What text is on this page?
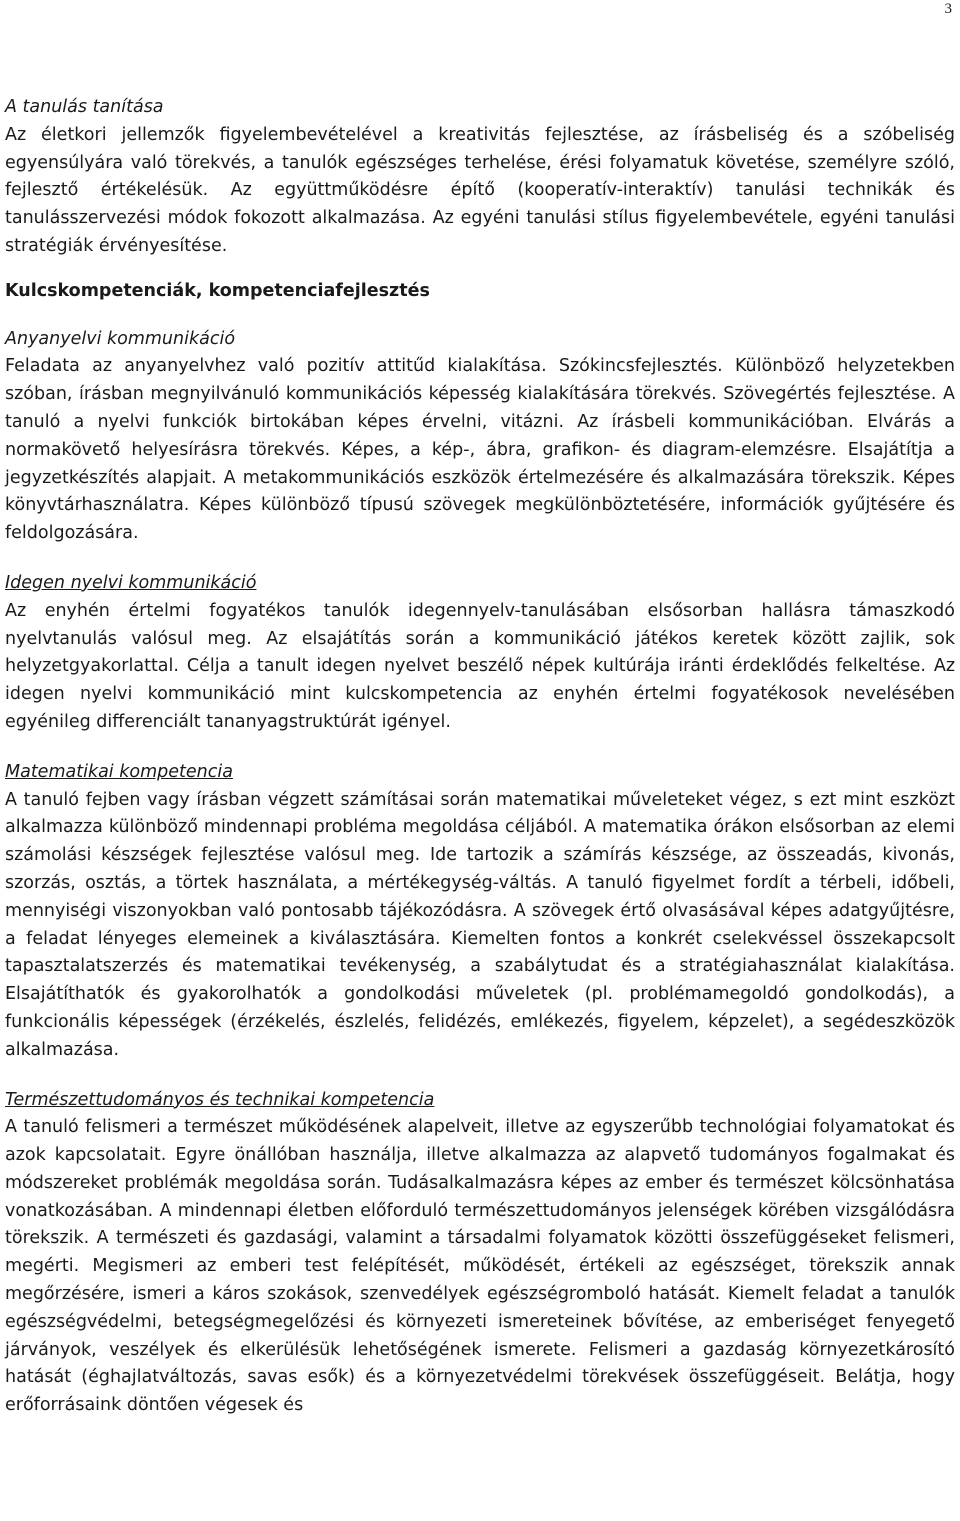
3

A tanulás tanítása

Az életkori jellemzők figyelembevételével a kreativitás fejlesztése, az írásbeliség és a szóbeliség egyensúlyára való törekvés, a tanulók egészséges terhelése, érési folyamatuk követése, személyre szóló, fejlesztő értékelésük. Az együttműködésre építő (kooperatív-interaktív) tanulási technikák és tanulásszervezési módok fokozott alkalmazása. Az egyéni tanulási stílus figyelembevétele, egyéni tanulási stratégiák érvényesítése.

Kulcskompetenciák, kompetenciafejlesztés

Anyanyelvi kommunikáció

Feladata az anyanyelvhez való pozitív attitűd kialakítása. Szókincsfejlesztés. Különböző helyzetekben szóban, írásban megnyilvánuló kommunikációs képesség kialakítására törekvés. Szövegértés fejlesztése. A tanuló a nyelvi funkciók birtokában képes érvelni, vitázni. Az írásbeli kommunikációban. Elvárás a normakövető helyesírásra törekvés. Képes, a kép-, ábra, grafikon- és diagram-elemzésre. Elsajátítja a jegyzetkészítés alapjait. A metakommunikációs eszközök értelmezésére és alkalmazására törekszik. Képes könyvtárhasználatra. Képes különböző típusú szövegek megkülönböztetésére, információk gyűjtésére és feldolgozására.

Idegen nyelvi kommunikáció

Az enyhén értelmi fogyatékos tanulók idegennyelv-tanulásában elsősorban hallásra támaszkodó nyelvtanulás valósul meg. Az elsajátítás során a kommunikáció játékos keretek között zajlik, sok helyzetgyakorlattal. Célja a tanult idegen nyelvet beszélő népek kultúrája iránti érdeklődés felkeltése. Az idegen nyelvi kommunikáció mint kulcskompetencia az enyhén értelmi fogyatékosok nevelésében egyénileg differenciált tananyagstruktúrát igényel.

Matematikai kompetencia

A tanuló fejben vagy írásban végzett számításai során matematikai műveleteket végez, s ezt mint eszközt alkalmazza különböző mindennapi probléma megoldása céljából. A matematika órákon elsősorban az elemi számolási készségek fejlesztése valósul meg. Ide tartozik a számírás készsége, az összeadás, kivonás, szorzás, osztás, a törtek használata, a mértékegység-váltás. A tanuló figyelmet fordít a térbeli, időbeli, mennyiségi viszonyokban való pontosabb tájékozódásra. A szövegek értő olvasásával képes adatgyűjtésre, a feladat lényeges elemeinek a kiválasztására. Kiemelten fontos a konkrét cselekvéssel összekapcsolt tapasztalatszerzés és matematikai tevékenység, a szabálytudat és a stratégiahasználat kialakítása. Elsajátíthatók és gyakorolhatók a gondolkodási műveletek (pl. problémamegoldó gondolkodás), a funkcionális képességek (érzékelés, észlelés, felidézés, emlékezés, figyelem, képzelet), a segédeszközök alkalmazása.

Természettudományos és technikai kompetencia

A tanuló felismeri a természet működésének alapelveit, illetve az egyszerűbb technológiai folyamatokat és azok kapcsolatait. Egyre önállóban használja, illetve alkalmazza az alapvető tudományos fogalmakat és módszereket problémák megoldása során. Tudásalkalmazásra képes az ember és természet kölcsönhatása vonatkozásában. A mindennapi életben előforduló természettudományos jelenségek körében vizsgálódásra törekszik. A természeti és gazdasági, valamint a társadalmi folyamatok közötti összefüggéseket felismeri, megérti. Megismeri az emberi test felépítését, működését, értékeli az egészséget, törekszik annak megőrzésére, ismeri a káros szokások, szenvedélyek egészségromboló hatását. Kiemelt feladat a tanulók egészségvédelmi, betegségmegelőzési és környezeti ismereteinek bővítése, az emberiséget fenyegető járványok, veszélyek és elkerülésük lehetőségének ismerete. Felismeri a gazdaság környezetkárosító hatását (éghajlatváltozás, savas esők) és a környezetvédelmi törekvések összefüggéseit. Belátja, hogy erőforrásaink döntően végesek és
